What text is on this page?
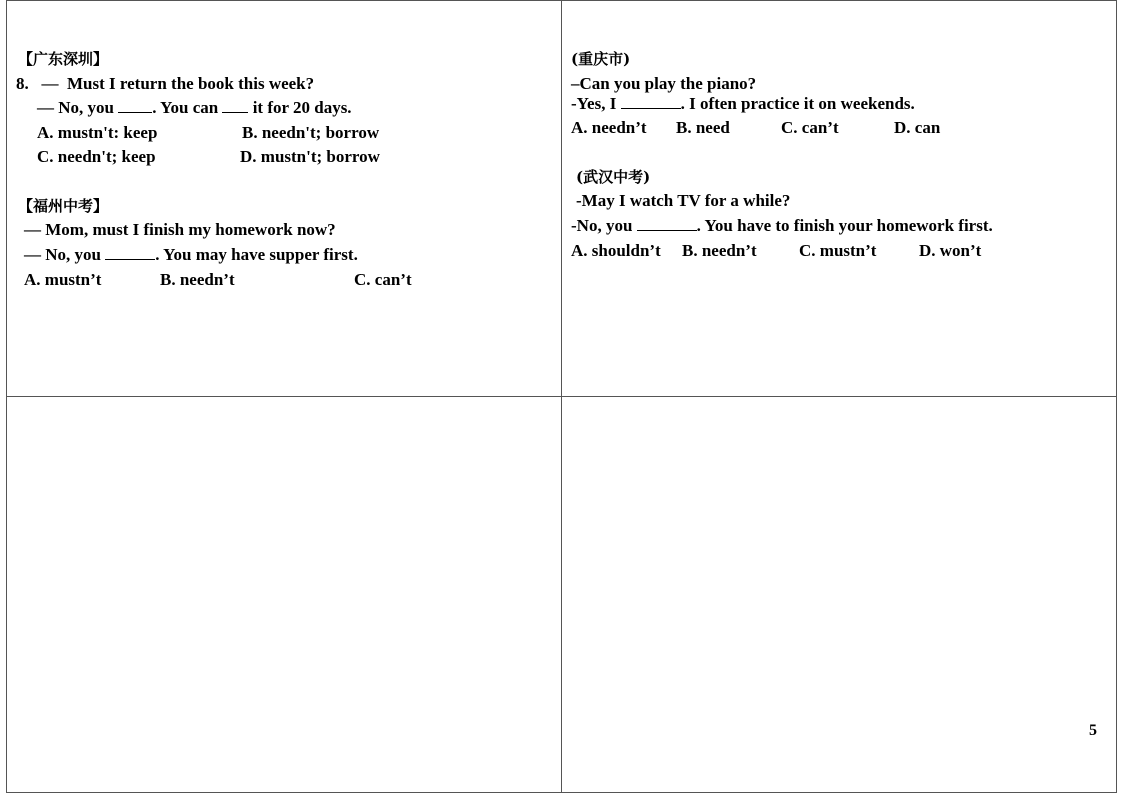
【广东深圳】
8. —  Must I return the book this week?
— No, you . You can  it for 20 days.
A. mustn't: keep	B. needn't; borrow
C. needn't; keep	D. mustn't; borrow
【福州中考】
— Mom, must I finish my homework now?
— No, you	. You may have supper first.
A. mustn’t	B. needn’t	C. can’t
(重庆市)
–Can you play the piano?
-Yes, I	. I often practice it on weekends.
A. needn’t B. need	C. can’t	D. can
(武汉中考)
-May I watch TV for a while?
-No, you	. You have to finish your homework first.
A. shouldn’t B. needn’t C. mustn’t	D. won’t
5
